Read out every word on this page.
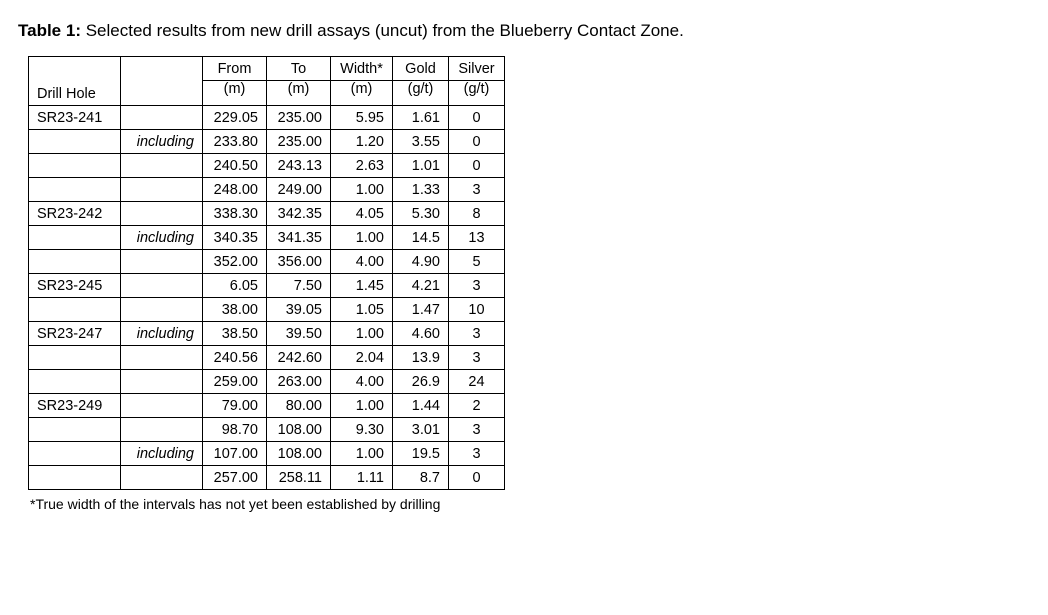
Table 1: Selected results from new drill assays (uncut) from the Blueberry Contact Zone.
Drill Hole		From	To	Width*	Gold	Silver
		(m)	(m)	(m)	(g/t)	(g/t)
SR23-241		229.05	235.00	5.95	1.61	0
	including	233.80	235.00	1.20	3.55	0
		240.50	243.13	2.63	1.01	0
		248.00	249.00	1.00	1.33	3
SR23-242		338.30	342.35	4.05	5.30	8
	including	340.35	341.35	1.00	14.5	13
		352.00	356.00	4.00	4.90	5
SR23-245		6.05	7.50	1.45	4.21	3
		38.00	39.05	1.05	1.47	10
SR23-247	including	38.50	39.50	1.00	4.60	3
		240.56	242.60	2.04	13.9	3
		259.00	263.00	4.00	26.9	24
SR23-249		79.00	80.00	1.00	1.44	2
		98.70	108.00	9.30	3.01	3
	including	107.00	108.00	1.00	19.5	3
		257.00	258.11	1.11	8.7	0
*True width of the intervals has not yet been established by drilling
